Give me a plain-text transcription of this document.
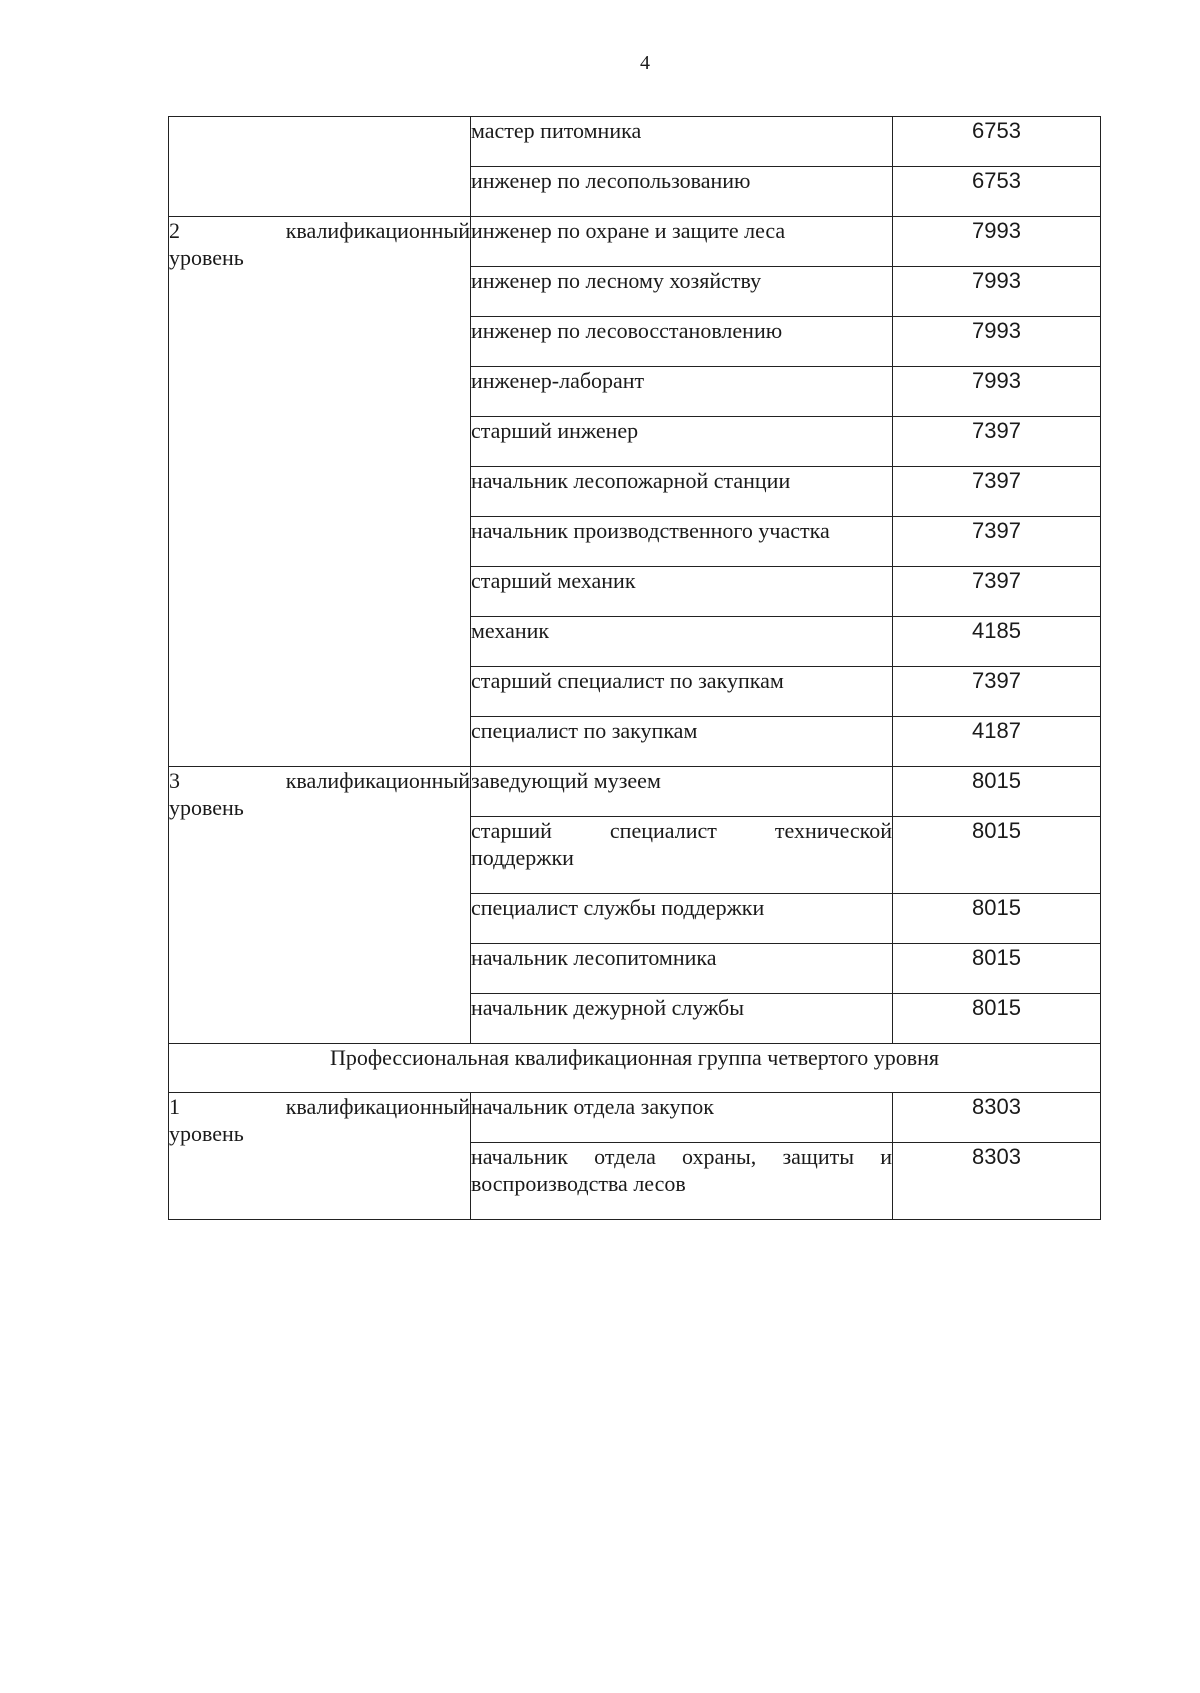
4
	мастер питомника	6753
	инженер по лесопользованию	6753

2 квалификационный
уровень	инженер по охране и защите леса	7993
	инженер по лесному хозяйству	7993
	инженер по лесовосстановлению	7993
	инженер-лаборант	7993
	старший инженер	7397
	начальник лесопожарной станции	7397
	начальник производственного участка	7397
	старший механик	7397
	механик	4185
	старший специалист по закупкам	7397
	специалист по закупкам	4187

3 квалификационный
уровень	заведующий музеем	8015
	старший специалист технической поддержки	8015
	специалист службы поддержки	8015
	начальник лесопитомника	8015
	начальник дежурной службы	8015
Профессиональная квалификационная группа четвертого уровня		

1 квалификационный
уровень	начальник отдела закупок	8303
	начальник отдела охраны, защиты и воспроизводства лесов	8303
